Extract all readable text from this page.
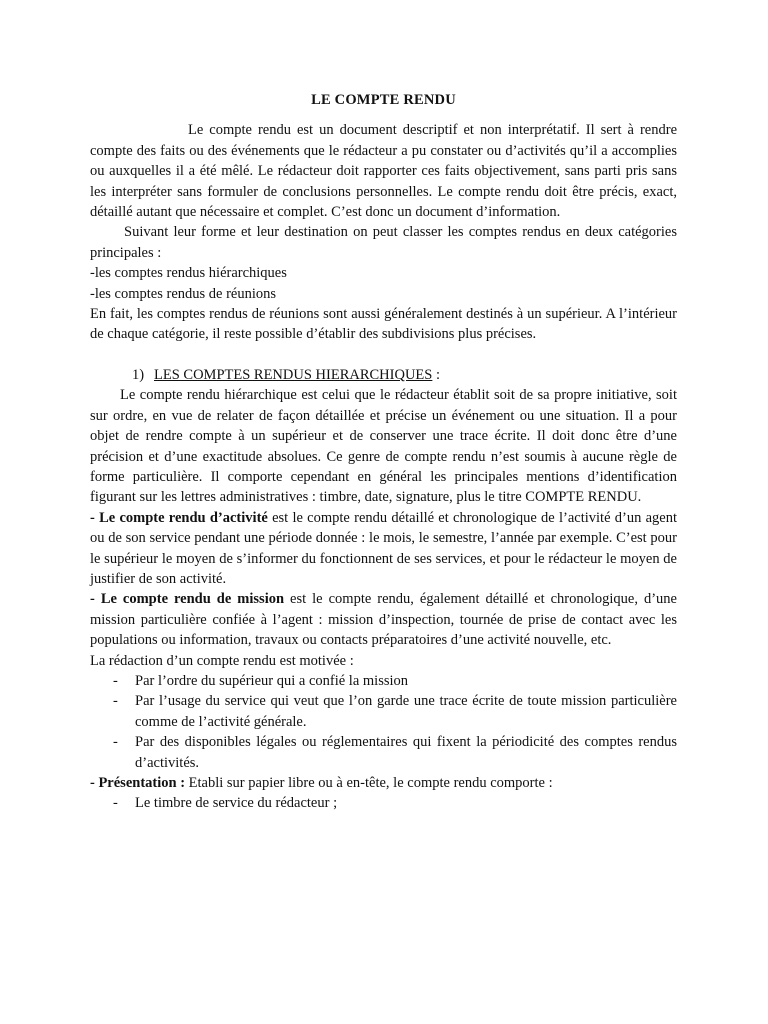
LE COMPTE RENDU

Le compte rendu est un document descriptif et non interprétatif. Il sert à rendre compte des faits ou des événements que le rédacteur a pu constater ou d’activités qu’il a accomplies ou auxquelles il a été mêlé. Le rédacteur doit rapporter ces faits objectivement, sans parti pris sans les interpréter sans formuler de conclusions personnelles. Le compte rendu doit être précis, exact, détaillé autant que nécessaire et complet. C’est donc un document d’information.

Suivant leur forme et leur destination on peut classer les comptes rendus en deux catégories principales :

-les comptes rendus hiérarchiques

-les comptes rendus de réunions

En fait, les comptes rendus de réunions sont aussi généralement destinés à un supérieur. A l’intérieur de chaque catégorie, il reste possible d’établir des subdivisions plus précises.

1) LES COMPTES RENDUS HIERARCHIQUES :

Le compte rendu hiérarchique est celui que le rédacteur établit soit de sa propre initiative, soit sur ordre, en vue de relater de façon détaillée et précise un événement ou une situation. Il a pour objet de rendre compte à un supérieur et de conserver une trace écrite. Il doit donc être d’une précision et d’une exactitude absolues. Ce genre de compte rendu n’est soumis à aucune règle de forme particulière. Il comporte cependant en général les principales mentions d’identification figurant sur les lettres administratives : timbre, date, signature, plus le titre COMPTE RENDU.

- Le compte rendu d’activité est le compte rendu détaillé et chronologique de l’activité d’un agent ou de son service pendant une période donnée : le mois, le semestre, l’année par exemple. C’est pour le supérieur le moyen de s’informer du fonctionnent de ses services, et pour le rédacteur le moyen de justifier de son activité.

- Le compte rendu de mission est le compte rendu, également détaillé et chronologique, d’une mission particulière confiée à l’agent : mission d’inspection, tournée de prise de contact avec les populations ou information, travaux ou contacts préparatoires d’une activité nouvelle, etc.

La rédaction d’un compte rendu est motivée :

- Par l’ordre du supérieur qui a confié la mission
- Par l’usage du service qui veut que l’on garde une trace écrite de toute mission particulière comme de l’activité générale.
- Par des disponibles légales ou réglementaires qui fixent la périodicité des comptes rendus d’activités.

- Présentation : Etabli sur papier libre ou à en-tête, le compte rendu comporte :

- Le timbre de service du rédacteur ;
